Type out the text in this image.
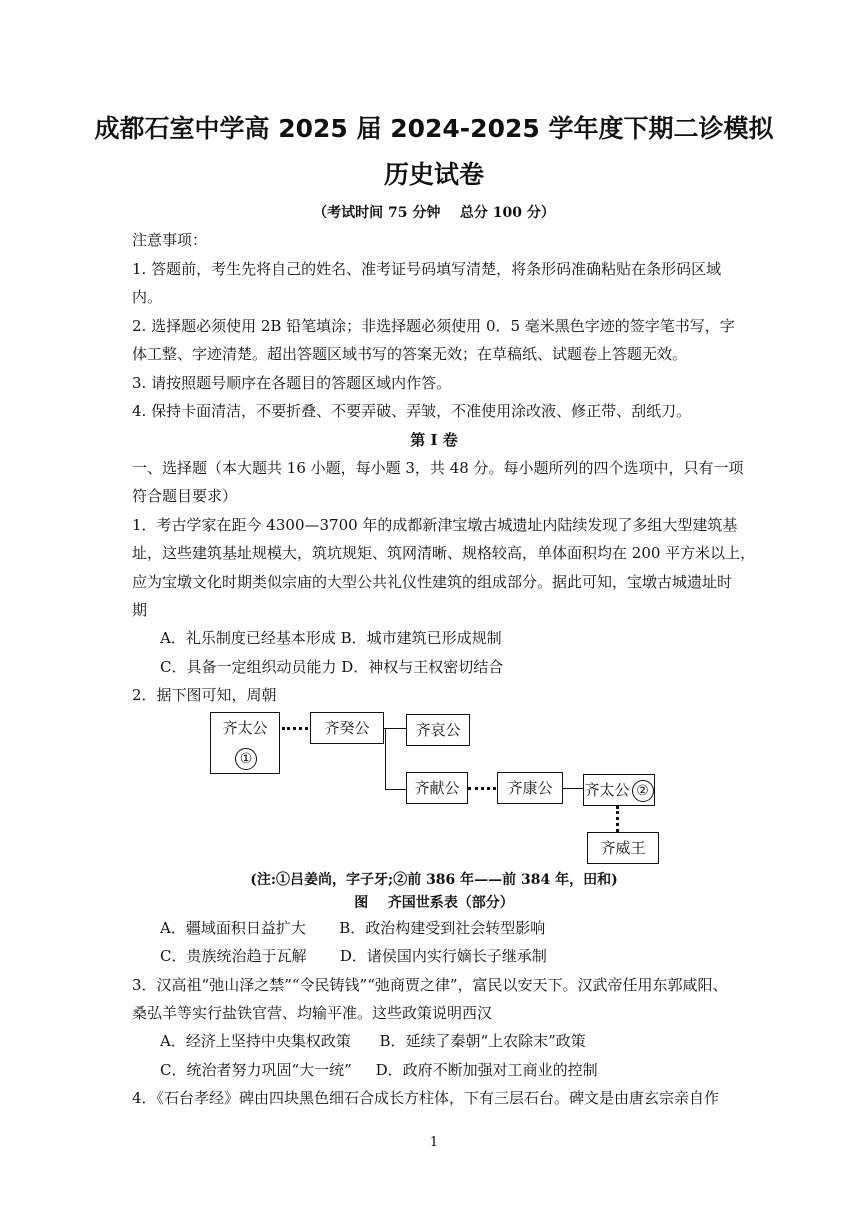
成都石室中学高 2025 届 2024-2025 学年度下期二诊模拟
历史试卷
（考试时间 75 分钟    总分 100 分）
注意事项：
1. 答题前，考生先将自己的姓名、准考证号码填写清楚，将条形码准确粘贴在条形码区域
内。
2. 选择题必须使用 2B 铅笔填涂；非选择题必须使用 0．5 毫米黑色字迹的签字笔书写，字
体工整、字迹清楚。超出答题区域书写的答案无效；在草稿纸、试题卷上答题无效。
3. 请按照题号顺序在各题目的答题区域内作答。
4. 保持卡面清洁，不要折叠、不要弄破、弄皱，不准使用涂改液、修正带、刮纸刀。
第 Ⅰ 卷
一、选择题（本大题共 16 小题，每小题 3，共 48 分。每小题所列的四个选项中，只有一项
符合题目要求）
1．考古学家在距今 4300—3700 年的成都新津宝墩古城遗址内陆续发现了多组大型建筑基
址，这些建筑基址规模大，筑坑规矩、筑网清晰、规格较高，单体面积均在 200 平方米以上，
应为宝墩文化时期类似宗庙的大型公共礼仪性建筑的组成部分。据此可知，宝墩古城遗址时
期
A．礼乐制度已经基本形成 B．城市建筑已形成规制
C．具备一定组织动员能力 D．神权与王权密切结合
2．据下图可知，周朝
齐太公①
齐癸公	齐哀公
齐献公	齐康公	齐太公 ②
齐威王
(注:①吕姜尚，字子牙;②前 386 年——前 384 年，田和)
图    齐国世系表（部分）
A．疆域面积日益扩大       B．政治构建受到社会转型影响
C．贵族统治趋于瓦解       D．诸侯国内实行嫡长子继承制
3．汉高祖“弛山泽之禁”“令民铸钱”“弛商贾之律”，富民以安天下。汉武帝任用东郭咸阳、
桑弘羊等实行盐铁官营、均输平准。这些政策说明西汉
A．经济上坚持中央集权政策      B．延续了秦朝“上农除末”政策
C．统治者努力巩固“大一统”     D．政府不断加强对工商业的控制
4．《石台孝经》碑由四块黑色细石合成长方柱体，下有三层石台。碑文是由唐玄宗亲自作
1
